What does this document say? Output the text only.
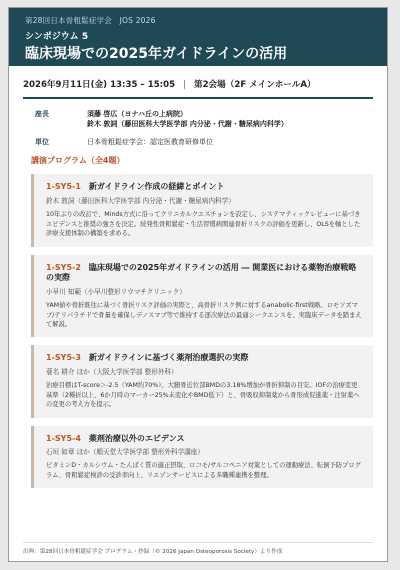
第28回日本骨粗鬆症学会　JOS 2026
シンポジウム 5
臨床現場での2025年ガイドラインの活用
2026年9月11日(金) 13:35 – 15:05 | 第2会場（2F メインホールA）
座長	須藤 啓広（ヨナハ丘の上病院）
鈴木 敦詞（藤田医科大学医学部 内分泌・代謝・糖尿病内科学）
単位	日本骨粗鬆症学会：認定医教育研修単位
講演プログラム（全4題）
1-SY5-1 新ガイドライン作成の経緯とポイント
鈴木 敦詞（藤田医科大学医学部 内分泌・代謝・糖尿病内科学）
10年ぶりの改訂で、Minds方式に沿ってクリニカルクエスチョンを設定し、システマティックレビューに基づきエビデンスと推奨の強さを決定。続発性骨粗鬆症・生活習慣病関連骨折リスクの評価を更新し、OLSを軸とした診療支援体制の構築を求める。
1-SY5-2 臨床現場での2025年ガイドラインの活用 ― 開業医における薬物治療戦略の実際
小早川 知範（小早川整形リウマチクリニック）
YAM値や骨折既往に基づく骨折リスク評価の実際と、高骨折リスク例に対するanabolic-first戦略。ロモソズマブ/テリパラチドで骨量を確保しデノスマブ等で維持する逐次療法の最適シークエンスを、実臨床データを踏まえて解説。
1-SY5-3 新ガイドラインに基づく薬剤治療選択の実際
蓑名 耕介 ほか（大阪大学医学部 整形外科）
治療目標はT-score＞-2.5（YAM約70%）。大腿骨近位部BMDの3.18%増加が骨折抑制の目安。IOFの治療変更基準（2種折以上、6か月時のマーカー25%未変化やBMD低下）と、骨吸収抑制薬から骨形成促進薬・注射薬への変更の考え方を提示。
1-SY5-4 薬剤治療以外のエビデンス
石垣 如章 ほか（順天堂大学医学部 整形外科学講座）
ビタミンD・カルシウム・たんぱく質の適正摂取、ロコモ/サルコペニア対策としての運動療法、転倒予防プログラム、骨粗鬆症検診の受診率向上、リエゾンサービスによる多職種連携を整理。
出典：第28回日本骨粗鬆症学会 プログラム・抄録（© 2026 Japan Osteoporosis Society）より作成
